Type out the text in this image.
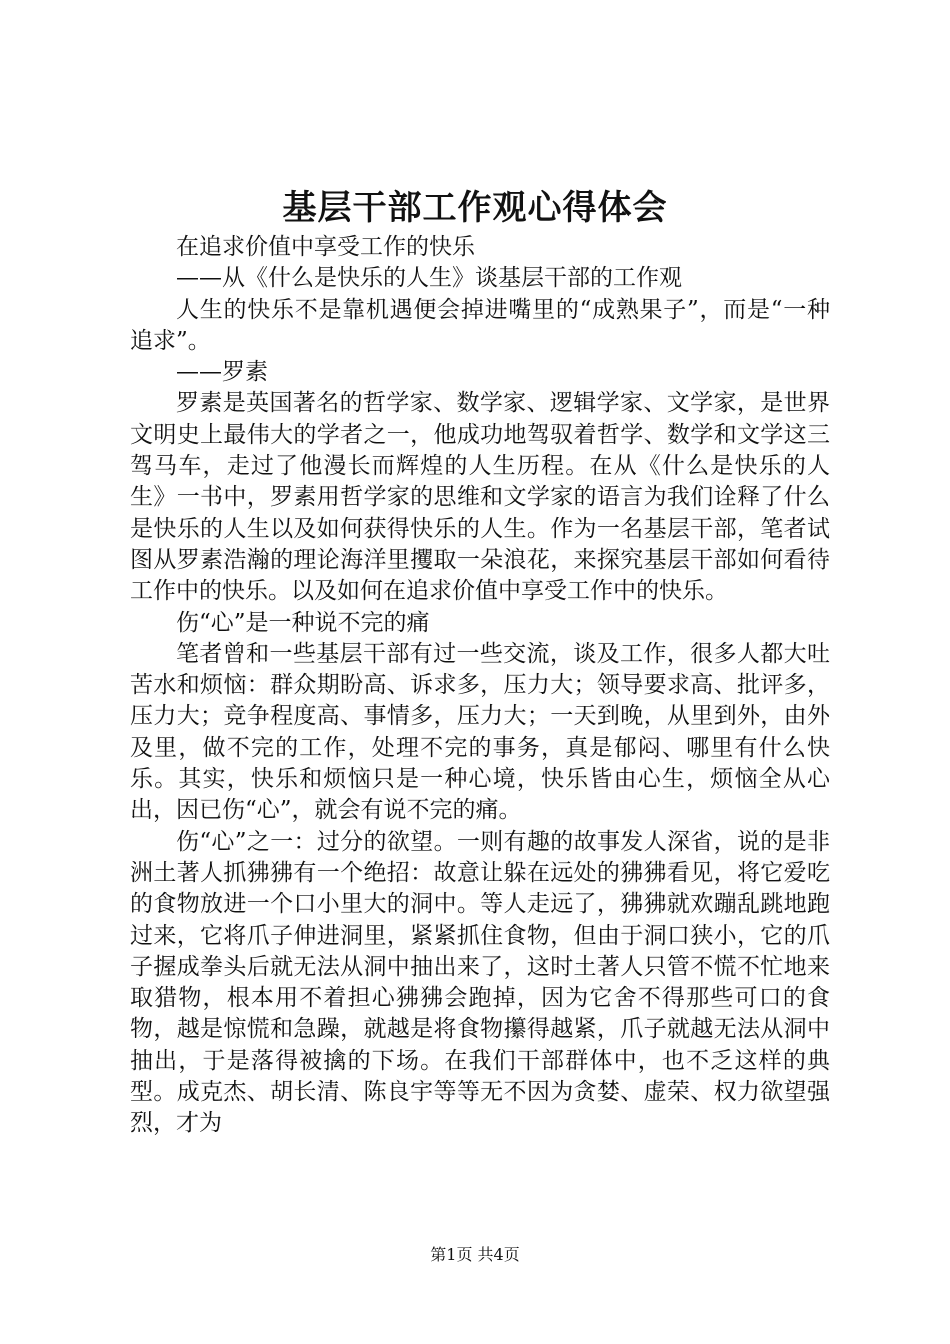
基层干部工作观心得体会

在追求价值中享受工作的快乐

——从《什么是快乐的人生》谈基层干部的工作观

人生的快乐不是靠机遇便会掉进嘴里的“成熟果子”，而是“一种追求”。

——罗素

罗素是英国著名的哲学家、数学家、逻辑学家、文学家，是世界文明史上最伟大的学者之一，他成功地驾驭着哲学、数学和文学这三驾马车，走过了他漫长而辉煌的人生历程。在从《什么是快乐的人生》一书中，罗素用哲学家的思维和文学家的语言为我们诠释了什么是快乐的人生以及如何获得快乐的人生。作为一名基层干部，笔者试图从罗素浩瀚的理论海洋里攫取一朵浪花，来探究基层干部如何看待工作中的快乐。以及如何在追求价值中享受工作中的快乐。

伤“心”是一种说不完的痛

笔者曾和一些基层干部有过一些交流，谈及工作，很多人都大吐苦水和烦恼：群众期盼高、诉求多，压力大；领导要求高、批评多，压力大；竞争程度高、事情多，压力大；一天到晚，从里到外，由外及里，做不完的工作，处理不完的事务，真是郁闷、哪里有什么快乐。其实，快乐和烦恼只是一种心境，快乐皆由心生，烦恼全从心出，因已伤“心”，就会有说不完的痛。

伤“心”之一：过分的欲望。一则有趣的故事发人深省，说的是非洲土著人抓狒狒有一个绝招：故意让躲在远处的狒狒看见，将它爱吃的食物放进一个口小里大的洞中。等人走远了，狒狒就欢蹦乱跳地跑过来，它将爪子伸进洞里，紧紧抓住食物，但由于洞口狭小，它的爪子握成拳头后就无法从洞中抽出来了，这时土著人只管不慌不忙地来取猎物，根本用不着担心狒狒会跑掉，因为它舍不得那些可口的食物，越是惊慌和急躁，就越是将食物攥得越紧，爪子就越无法从洞中抽出，于是落得被擒的下场。在我们干部群体中，也不乏这样的典型。成克杰、胡长清、陈良宇等等无不因为贪婪、虚荣、权力欲望强烈，才为

第1页 共4页
